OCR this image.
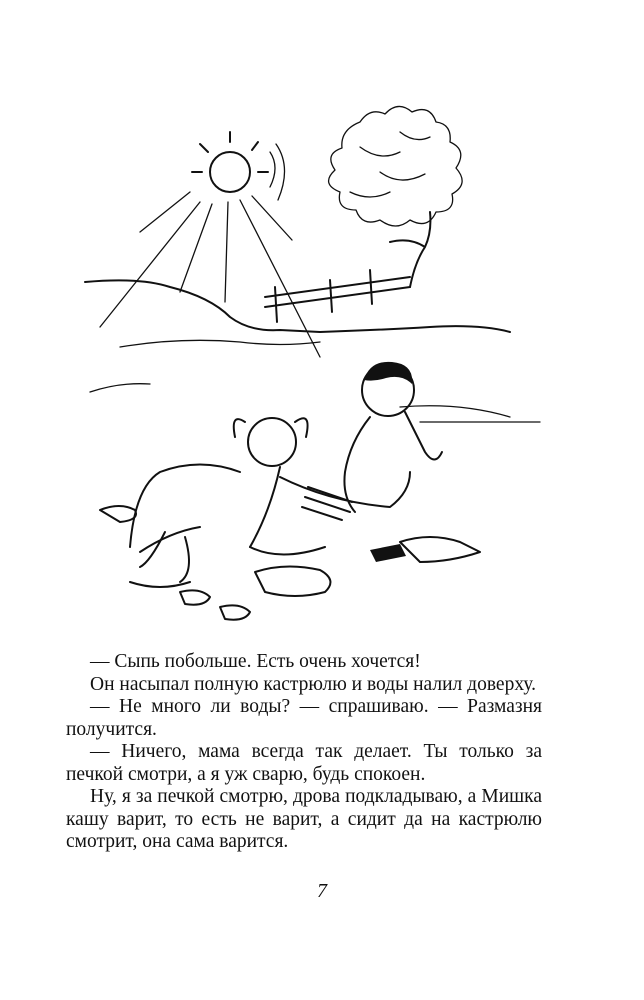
— Сыпь побольше. Есть очень хочется!

Он насыпал полную кастрюлю и воды налил доверху.

— Не много ли воды? — спрашиваю. — Размазня получится.

— Ничего, мама всегда так делает. Ты только за печкой смотри, а я уж сварю, будь спокоен.

Ну, я за печкой смотрю, дрова подкладываю, а Мишка кашу варит, то есть не варит, а сидит да на кастрюлю смотрит, она сама варится.

7
